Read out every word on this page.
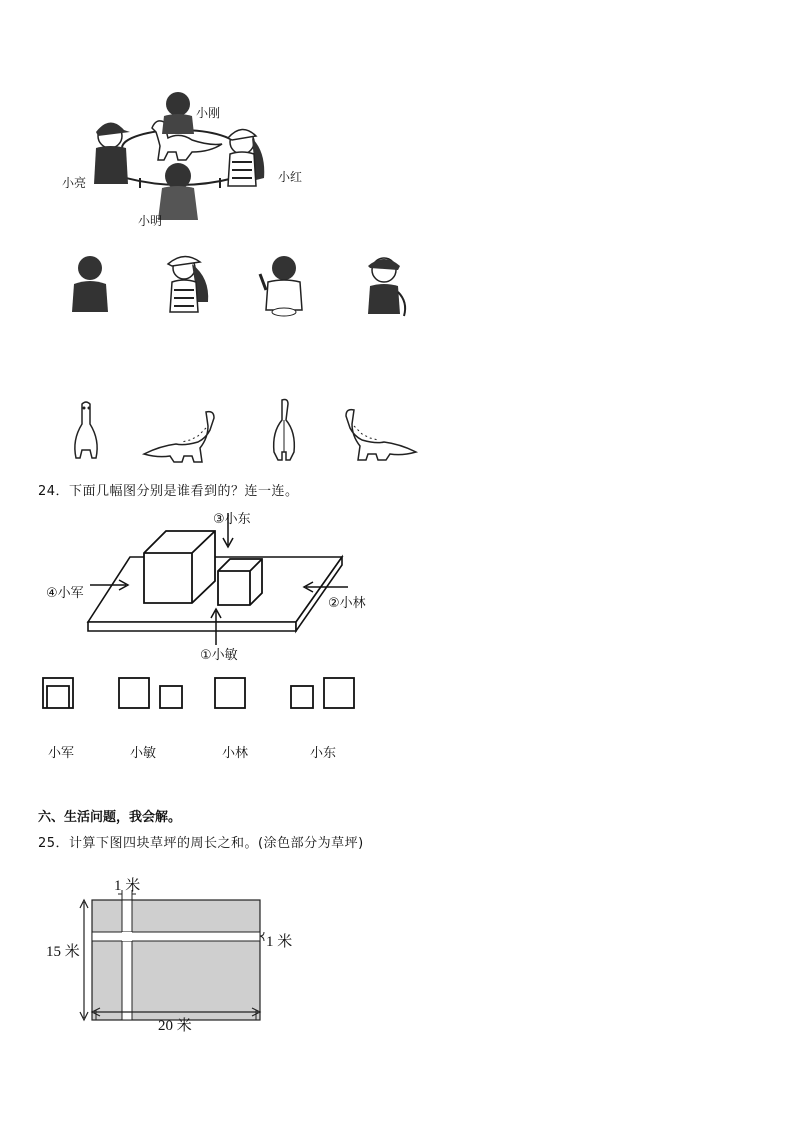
小刚
小亮	小红
小明
24．下面几幅图分别是谁看到的？连一连。
③小东
④小军
②小林
①小敏
小军	小敏	小林	小东
六、生活问题，我会解。
25．计算下图四块草坪的周长之和。(涂色部分为草坪)
1 米
1 米
15 米
20 米
